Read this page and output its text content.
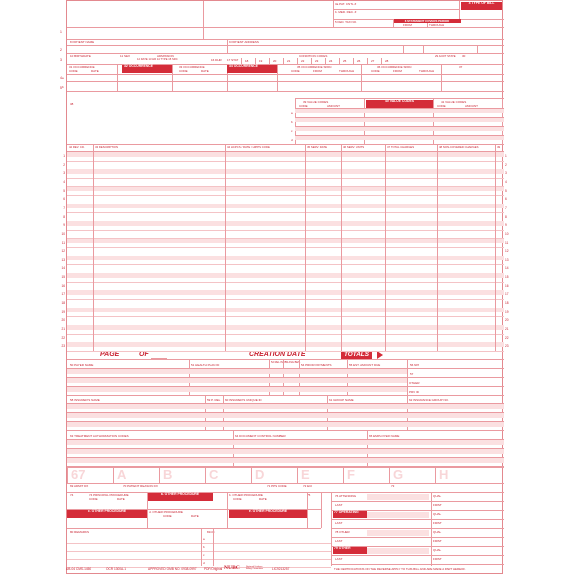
3a PAT. CNTL #
b. MED. REC. #
4 TYPE OF BILL
5 FED. TAX NO.	6 STATEMENT COVERS PERIOD
FROM	THROUGH
8 PATIENT NAME	9 PATIENT ADDRESS
10 BIRTHDATE	11 SEX	ADMISSION
12 DATE 13 HR 14 TYPE 15 SRC	16 DHR 17 STAT
CONDITION CODES	29 ACDT STATE 30
38
PAGE	OF	CREATION DATE	TOTALS
50 PAYER NAME	51 HEALTH PLAN ID
52 REL INFO
53 ASG BEN.
54 PRIOR PAYMENTS	55 EST. AMOUNT DUE	56 NPI
57
OTHER
PRV ID
58 INSURED'S NAME	59 P. REL 60 INSURED'S UNIQUE ID	61 GROUP NAME	62 INSURANCE GROUP NO.
63 TREATMENT AUTHORIZATION CODES	64 DOCUMENT CONTROL NUMBER	65 EMPLOYER NAME
67 A	B	C	D	E	F	G	H
69 ADMIT DX	70 PATIENT REASON DX	71 PPS CODE	72 ECI	73
74	74 PRINCIPAL PROCEDURE
CODE	DATE
a. OTHER PROCEDURE	b. OTHER PROCEDURE
CODE	DATE
75
c. OTHER PROCEDURE	d. OTHER PROCEDURE
CODE	DATE
e. OTHER PROCEDURE
76 ATTENDING	QUAL
LAST	FIRST
77 OPERATING	QUAL
LAST	FIRST
78 OTHER	QUAL
LAST	FIRST
79 OTHER	QUAL
LAST	FIRST
80 REMARKS	81CC
a
b
c
d
18	19	20	21	22	23	24	25	26	27	28
31 OCCURRENCE
CODE	DATE
32 OCCURRENCE	33 OCCURRENCE
CODE	DATE
34 OCCURRENCE	35 OCCURRENCE SPAN
CODE	FROM	THROUGH
36 OCCURRENCE SPAN
CODE	FROM	THROUGH
37
a
b
39 VALUE CODES
CODE	AMOUNT
40 VALUE CODES	41 VALUE CODES
CODE	AMOUNT
a
b
c
d
42 REV. CD.	43 DESCRIPTION	44 HCPCS / RATE / HIPPS CODE	45 SERV. DATE	46 SERV. UNITS	47 TOTAL CHARGES	48 NON-COVERED CHARGES	49
1	1
2	2
3	3
4	4
5	5
6	6
7	7
8	8
9	9
10	10
11	11
12	12
13	13
14	14
15	15
16	16
17	17
18	18
19	19
20	20
21	21
22	22
23	23
1
2
3
4
5
UB-04 CMS-1450	OCR 1300A-1	APPROVED OMB NO. 0938-0997 PDF/Original NUBC	National Uniform Billing Committee	LIC9213257	THE CERTIFICATIONS ON THE REVERSE APPLY TO THIS BILL AND ARE MADE A PART HEREOF.
